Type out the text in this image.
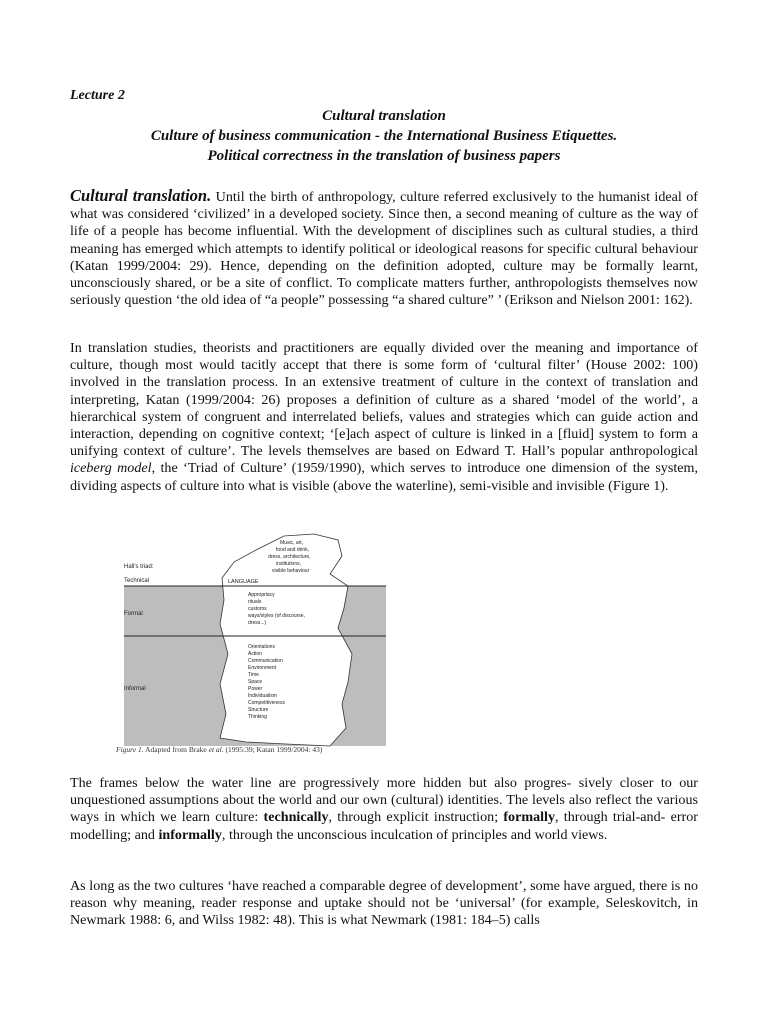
Lecture 2
Cultural translation
Culture of business communication - the International Business Etiquettes.
Political correctness in the translation of business papers

Cultural translation. Until the birth of anthropology, culture referred exclusively to the humanist ideal of what was considered ‘civilized’ in a developed society. Since then, a second meaning of culture as the way of life of a people has become influential. With the development of disciplines such as cultural studies, a third meaning has emerged which attempts to identify political or ideological reasons for specific cultural behaviour (Katan 1999/2004: 29). Hence, depending on the definition adopted, culture may be formally learnt, unconsciously shared, or be a site of conflict. To complicate matters further, anthropologists themselves now seriously question ‘the old idea of “a people” possessing “a shared culture” ’ (Erikson and Nielson 2001: 162).

In translation studies, theorists and practitioners are equally divided over the meaning and importance of culture, though most would tacitly accept that there is some form of ‘cultural filter’ (House 2002: 100) involved in the translation process. In an extensive treatment of culture in the context of translation and interpreting, Katan (1999/2004: 26) proposes a definition of culture as a shared ‘model of the world’, a hierarchical system of congruent and interrelated beliefs, values and strategies which can guide action and interaction, depending on cognitive context; ‘[e]ach aspect of culture is linked in a [fluid] system to form a unifying context of culture’. The levels themselves are based on Edward T. Hall’s popular anthropological iceberg model, the ‘Triad of Culture’ (1959/1990), which serves to introduce one dimension of the system, dividing aspects of culture into what is visible (above the waterline), semi-visible and invisible (Figure 1).

Hall's triad:
Technical
Formal
Informal
LANGUAGE
Music, art,
food and drink,
dress, architecture,
institutions,
visible behaviour
Appropriacy
rituals
customs
ways/styles (of discourse,
dress...)
Orientations
Action
Communication
Environment
Time
Space
Power
Individualism
Competitiveness
Structure
Thinking
Figure 1. Adapted from Brake et al. (1995:39; Katan 1999/2004: 43)

The frames below the water line are progressively more hidden but also progres- sively closer to our unquestioned assumptions about the world and our own (cultural) identities. The levels also reflect the various ways in which we learn culture: technically, through explicit instruction; formally, through trial-and- error modelling; and informally, through the unconscious inculcation of principles and world views.

As long as the two cultures ‘have reached a comparable degree of development’, some have argued, there is no reason why meaning, reader response and uptake should not be ‘universal’ (for example, Seleskovitch, in Newmark 1988: 6, and Wilss 1982: 48). This is what Newmark (1981: 184–5) calls
